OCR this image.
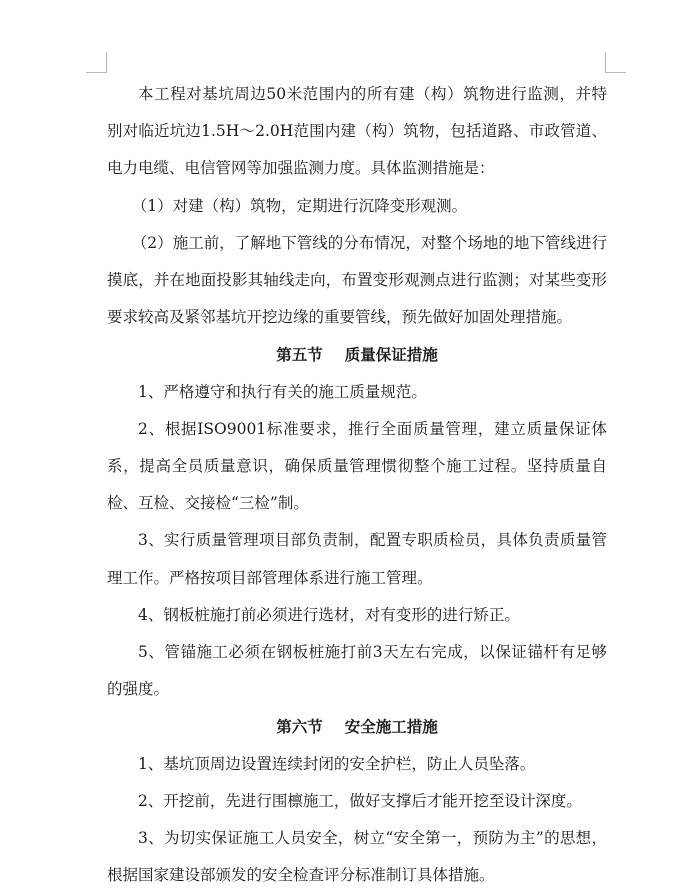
本工程对基坑周边50米范围内的所有建（构）筑物进行监测，并特别对临近坑边1.5H～2.0H范围内建（构）筑物，包括道路、市政管道、电力电缆、电信管网等加强监测力度。具体监测措施是：

（1）对建（构）筑物，定期进行沉降变形观测。

（2）施工前，了解地下管线的分布情况，对整个场地的地下管线进行摸底，并在地面投影其轴线走向，布置变形观测点进行监测；对某些变形要求较高及紧邻基坑开挖边缘的重要管线，预先做好加固处理措施。

第五节 质量保证措施

1、严格遵守和执行有关的施工质量规范。

2、根据ISO9001标准要求，推行全面质量管理，建立质量保证体系，提高全员质量意识，确保质量管理惯彻整个施工过程。坚持质量自检、互检、交接检“三检”制。

3、实行质量管理项目部负责制，配置专职质检员，具体负责质量管理工作。严格按项目部管理体系进行施工管理。

4、钢板桩施打前必须进行选材，对有变形的进行矫正。

5、管锚施工必须在钢板桩施打前3天左右完成，以保证锚杆有足够的强度。

第六节 安全施工措施

1、基坑顶周边设置连续封闭的安全护栏，防止人员坠落。

2、开挖前，先进行围檩施工，做好支撑后才能开挖至设计深度。

3、为切实保证施工人员安全，树立“安全第一，预防为主”的思想，根据国家建设部颁发的安全检查评分标准制订具体措施。
